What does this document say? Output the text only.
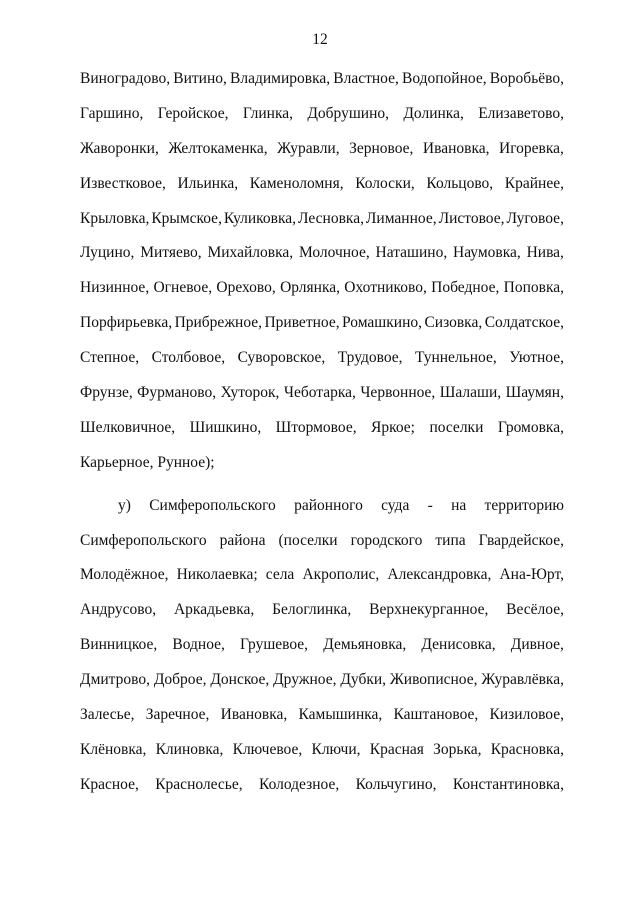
12
Виноградово, Витино, Владимировка, Властное, Водопойное, Воробьёво,
Гаршино, Геройское, Глинка, Добрушино, Долинка, Елизаветово,
Жаворонки, Желтокаменка, Журавли, Зерновое, Ивановка, Игоревка,
Известковое, Ильинка, Каменоломня, Колоски, Кольцово, Крайнее,
Крыловка, Крымское, Куликовка, Лесновка, Лиманное, Листовое, Луговое,
Луцино, Митяево, Михайловка, Молочное, Наташино, Наумовка, Нива,
Низинное, Огневое, Орехово, Орлянка, Охотниково, Победное, Поповка,
Порфирьевка, Прибрежное, Приветное, Ромашкино, Сизовка, Солдатское,
Степное, Столбовое, Суворовское, Трудовое, Туннельное, Уютное,
Фрунзе, Фурманово, Хуторок, Чеботарка, Червонное, Шалаши, Шаумян,
Шелковичное, Шишкино, Штормовое, Яркое; поселки Громовка,
Карьерное, Рунное);
у) Симферопольского районного суда - на территорию
Симферопольского района (поселки городского типа Гвардейское,
Молодёжное, Николаевка; села Акрополис, Александровка, Ана-Юрт,
Андрусово, Аркадьевка, Белоглинка, Верхнекурганное, Весёлое,
Винницкое, Водное, Грушевое, Демьяновка, Денисовка, Дивное,
Дмитрово, Доброе, Донское, Дружное, Дубки, Живописное, Журавлёвка,
Залесье, Заречное, Ивановка, Камышинка, Каштановое, Кизиловое,
Клёновка, Клиновка, Ключевое, Ключи, Красная Зорька, Красновка,
Красное, Краснолесье, Колодезное, Кольчугино, Константиновка,
